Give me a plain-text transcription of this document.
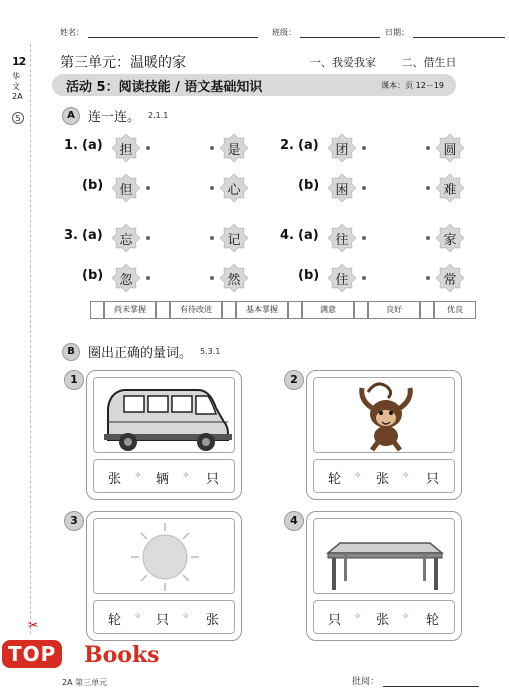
12
华文
2A
5
✂
姓名：	班级：	日期：
第三单元：温暖的家	一、我爱我家 二、借生日
活动 5：阅读技能 / 语文基础知识	课本：页 12－19
A	连一连。 2.1.1
1. (a)	担	是
(b)	但	心
2. (a)	团	圆
(b)	困	难
3. (a)	忘	记
(b)	忽	然
4. (a)	往	家
(b)	住	常
尚未掌握	有待改进	基本掌握	满意	良好	优良
B	圈出正确的量词。 5.3.1
张 ✧ 辆 ✧ 只
1
轮 ✧ 张 ✧ 只
2
轮 ✧ 只 ✧ 张
3
只 ✧ 张 ✧ 轮
4
2A 第三单元	批阅：
TOP Books
